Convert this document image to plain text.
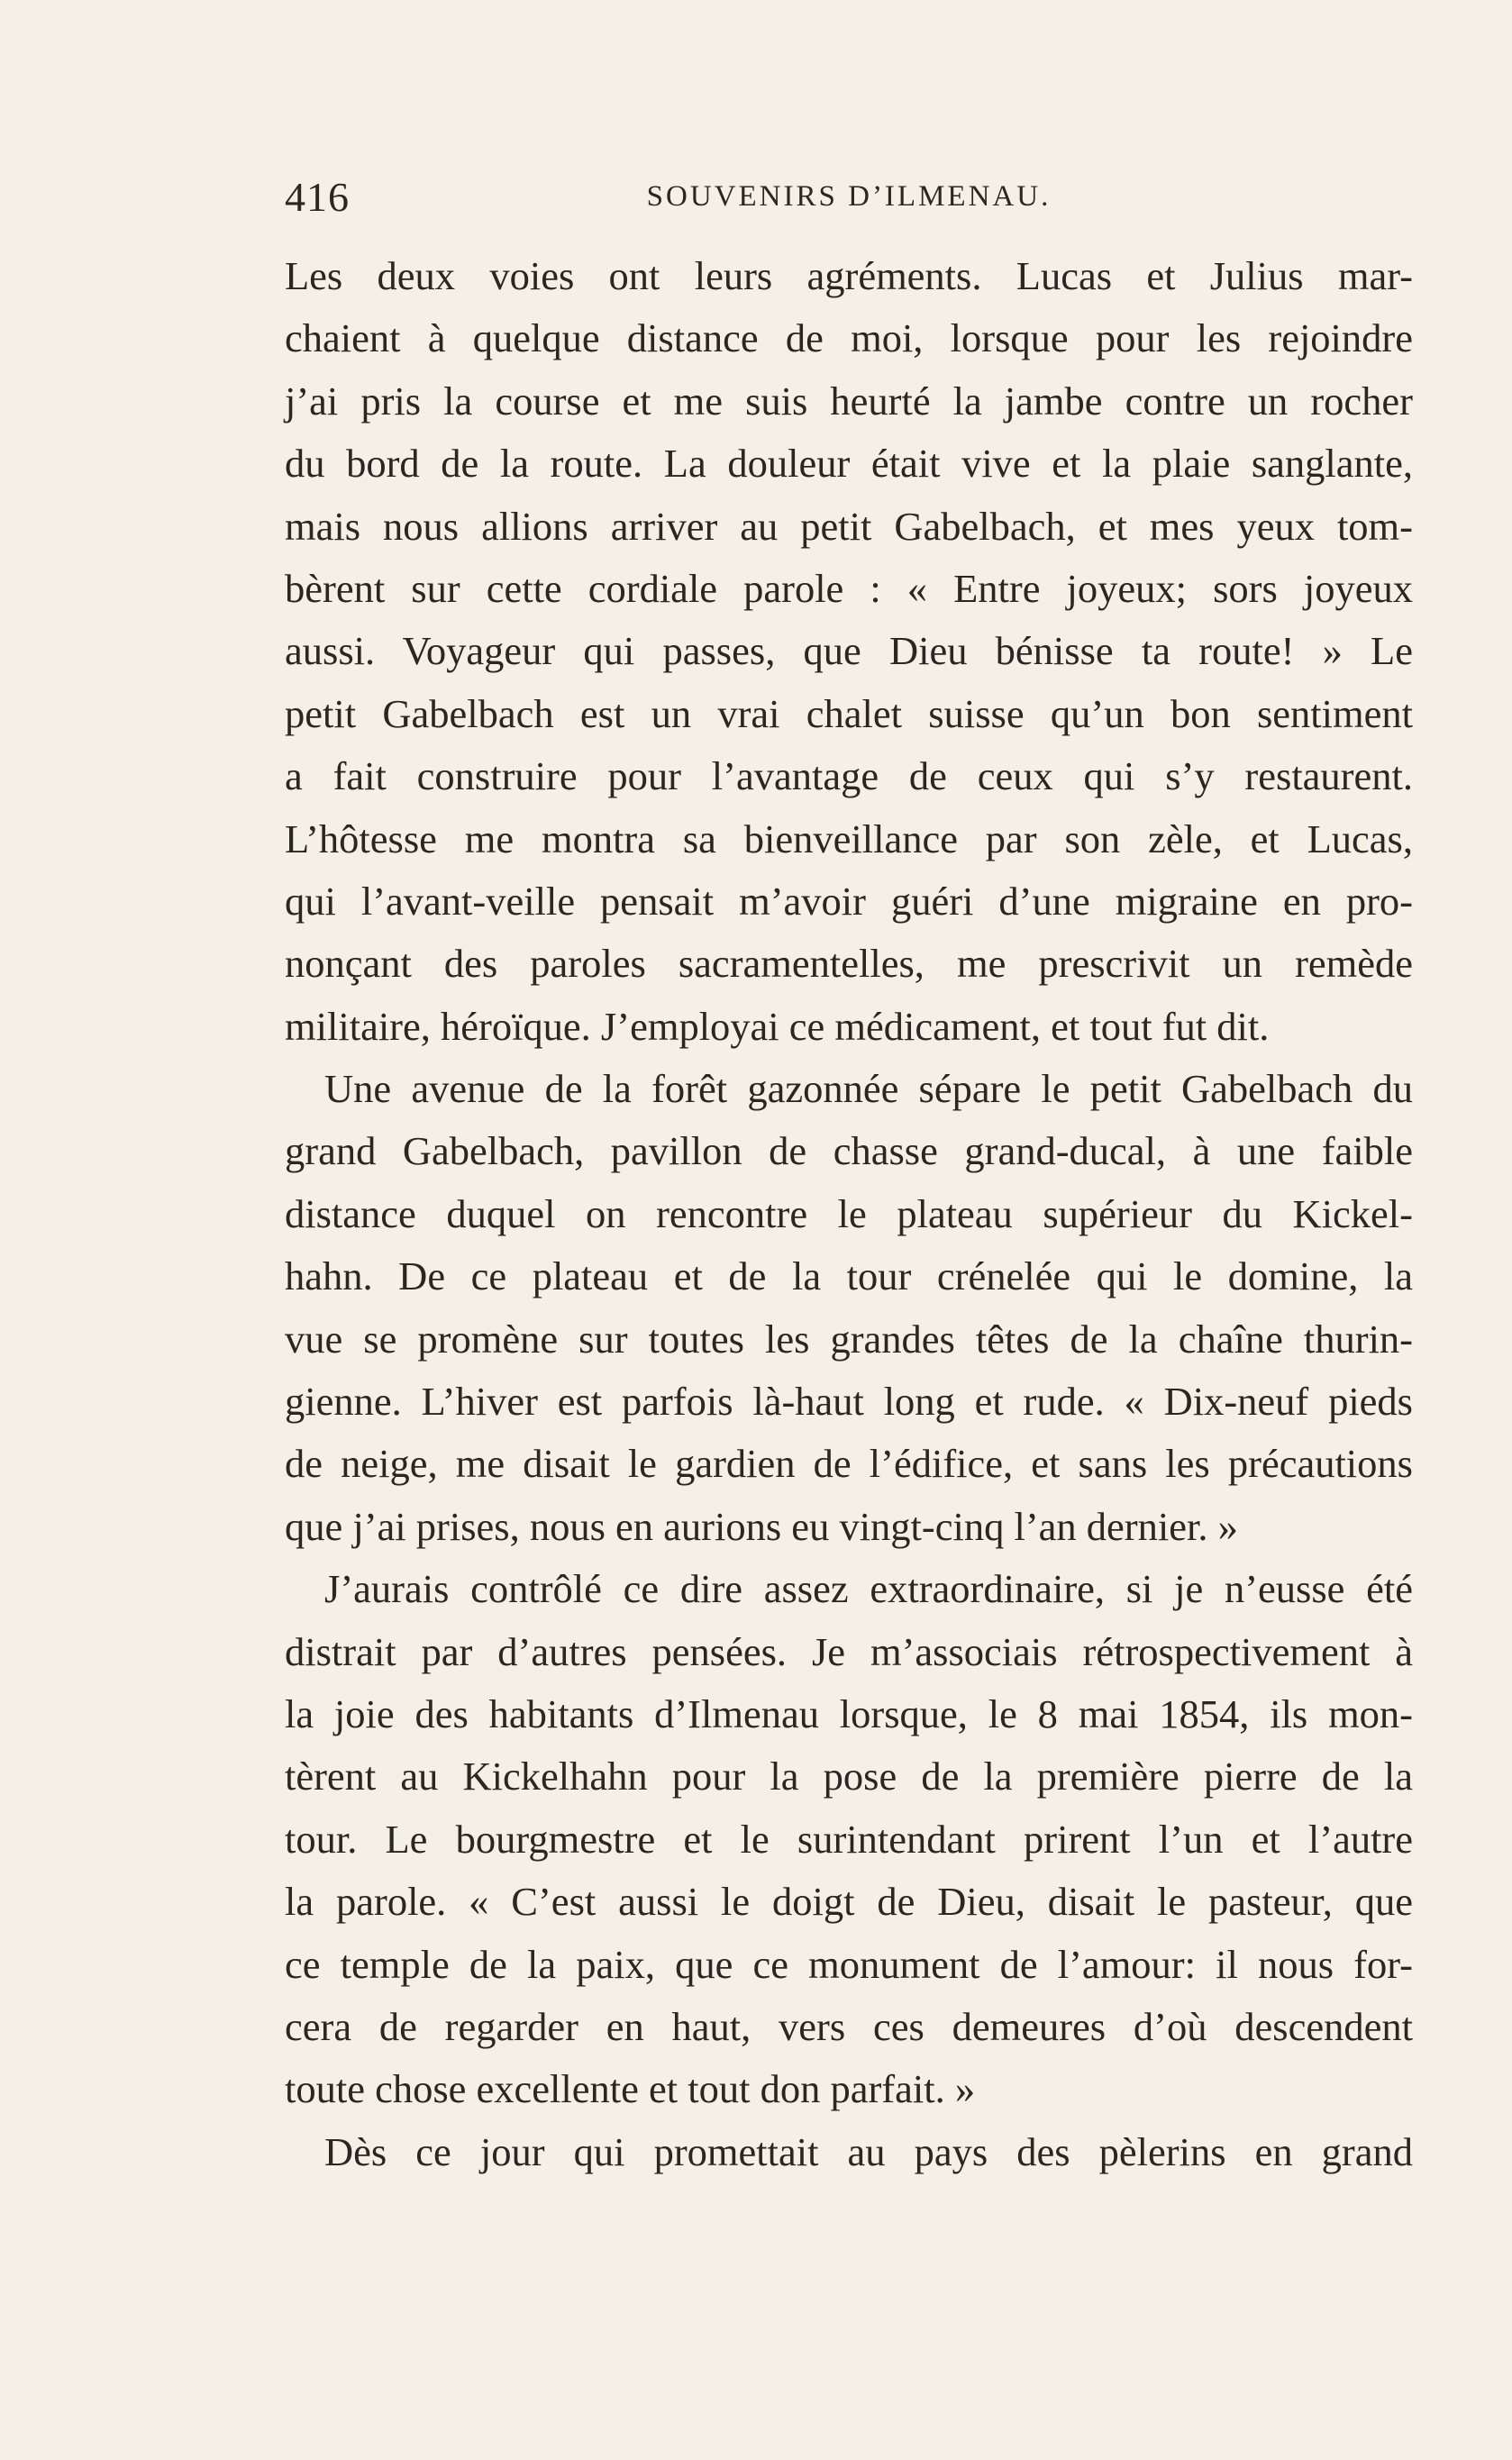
416	SOUVENIRS D’ILMENAU.
Les deux voies ont leurs agréments. Lucas et Julius mar-
chaient à quelque distance de moi, lorsque pour les rejoindre
j’ai pris la course et me suis heurté la jambe contre un rocher
du bord de la route. La douleur était vive et la plaie sanglante,
mais nous allions arriver au petit Gabelbach, et mes yeux tom-
bèrent sur cette cordiale parole : « Entre joyeux; sors joyeux
aussi. Voyageur qui passes, que Dieu bénisse ta route! » Le
petit Gabelbach est un vrai chalet suisse qu’un bon sentiment
a fait construire pour l’avantage de ceux qui s’y restaurent.
L’hôtesse me montra sa bienveillance par son zèle, et Lucas,
qui l’avant-veille pensait m’avoir guéri d’une migraine en pro-
nonçant des paroles sacramentelles, me prescrivit un remède
militaire, héroïque. J’employai ce médicament, et tout fut dit.
Une avenue de la forêt gazonnée sépare le petit Gabelbach du
grand Gabelbach, pavillon de chasse grand-ducal, à une faible
distance duquel on rencontre le plateau supérieur du Kickel-
hahn. De ce plateau et de la tour crénelée qui le domine, la
vue se promène sur toutes les grandes têtes de la chaîne thurin-
gienne. L’hiver est parfois là-haut long et rude. « Dix-neuf pieds
de neige, me disait le gardien de l’édifice, et sans les précautions
que j’ai prises, nous en aurions eu vingt-cinq l’an dernier. »
J’aurais contrôlé ce dire assez extraordinaire, si je n’eusse été
distrait par d’autres pensées. Je m’associais rétrospectivement à
la joie des habitants d’Ilmenau lorsque, le 8 mai 1854, ils mon-
tèrent au Kickelhahn pour la pose de la première pierre de la
tour. Le bourgmestre et le surintendant prirent l’un et l’autre
la parole. « C’est aussi le doigt de Dieu, disait le pasteur, que
ce temple de la paix, que ce monument de l’amour: il nous for-
cera de regarder en haut, vers ces demeures d’où descendent
toute chose excellente et tout don parfait. »
Dès ce jour qui promettait au pays des pèlerins en grand
